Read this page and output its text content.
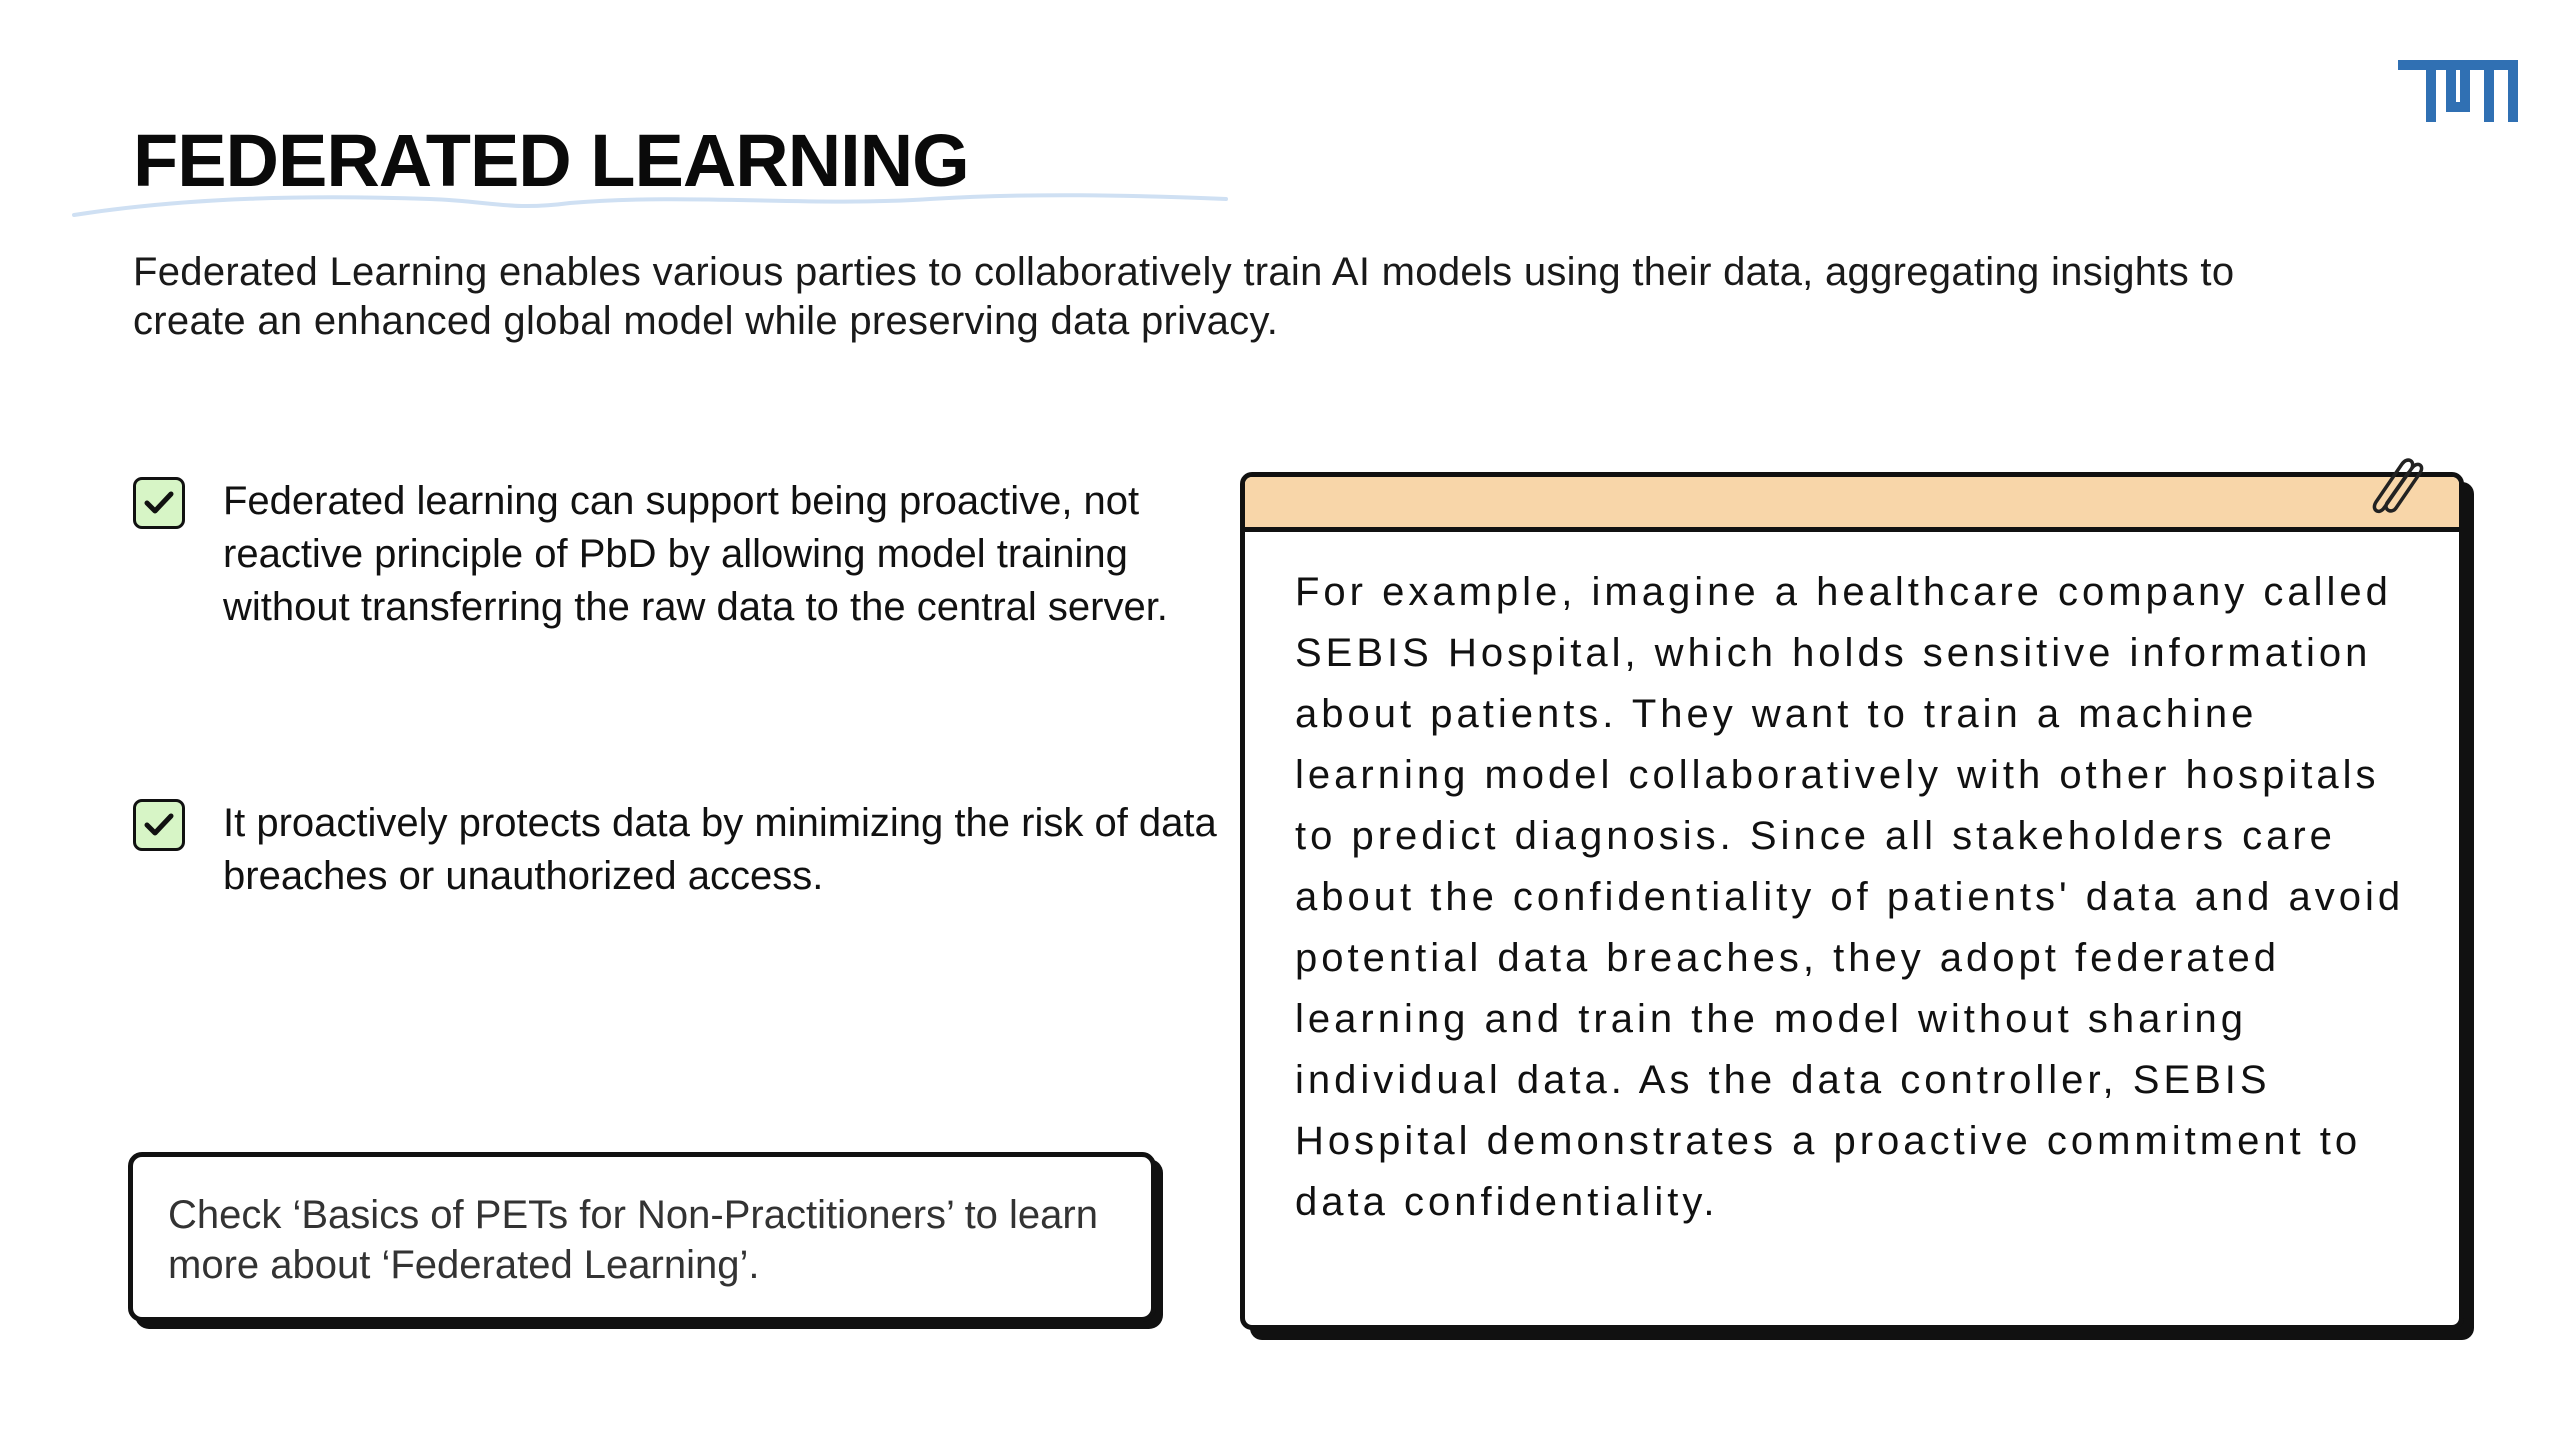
FEDERATED LEARNING

Federated Learning enables various parties to collaboratively train AI models using their data, aggregating insights to create an enhanced global model while preserving data privacy.

Federated learning can support being proactive, not reactive principle of PbD by allowing model training without transferring the raw data to the central server.

It proactively protects data by minimizing the risk of data breaches or unauthorized access.

Check ‘Basics of PETs for Non-Practitioners’ to learn more about ‘Federated Learning’.

For example, imagine a healthcare company called SEBIS Hospital, which holds sensitive information about patients. They want to train a machine learning model collaboratively with other hospitals to predict diagnosis. Since all stakeholders care about the confidentiality of patients' data and avoid potential data breaches, they adopt federated learning and train the model without sharing individual data. As the data controller, SEBIS Hospital demonstrates a proactive commitment to data confidentiality.
